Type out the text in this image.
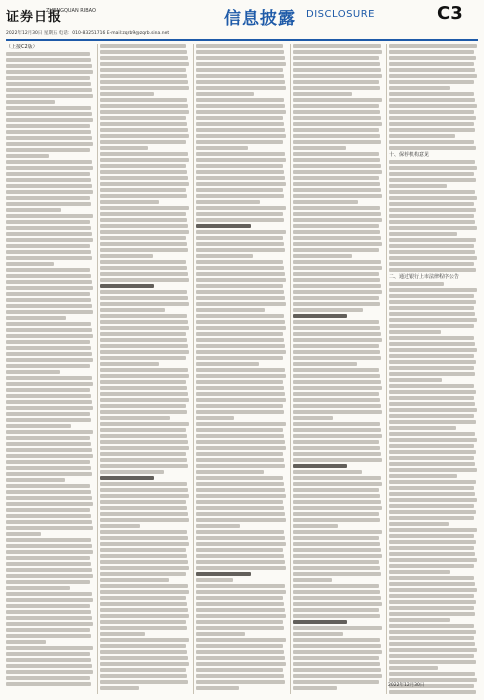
证券日报
ZHENGQUAN RIBAO
2022年12月30日 星期五 电话：010-83251716 E-mail:zqrb9@zqrb.sina.net
信息披露 DISCLOSURE	C3
（上接C2版）
十、保荐机构意见
二、通过银行上市法律程序公告
2022年12月30日
